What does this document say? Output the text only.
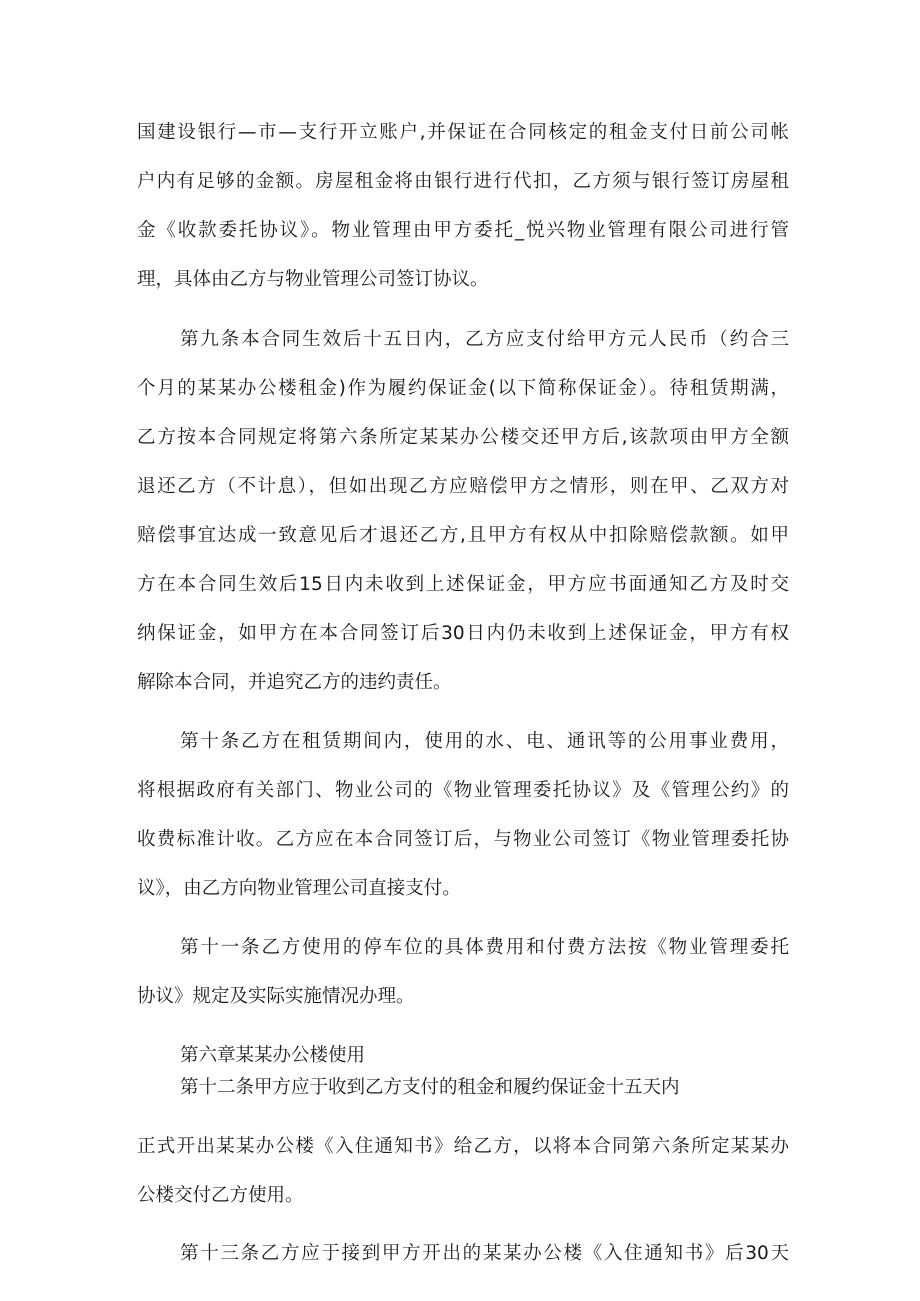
国建设银行—市—支行开立账户,并保证在合同核定的租金支付日前公司帐
户内有足够的金额。房屋租金将由银行进行代扣，乙方须与银行签订房屋租
金《收款委托协议》。物业管理由甲方委托_悦兴物业管理有限公司进行管
理，具体由乙方与物业管理公司签订协议。
第九条本合同生效后十五日内，乙方应支付给甲方元人民币（约合三
个月的某某办公楼租金)作为履约保证金(以下简称保证金）。待租赁期满，
乙方按本合同规定将第六条所定某某办公楼交还甲方后,该款项由甲方全额
退还乙方（不计息），但如出现乙方应赔偿甲方之情形，则在甲、乙双方对
赔偿事宜达成一致意见后才退还乙方,且甲方有权从中扣除赔偿款额。如甲
方在本合同生效后15日内未收到上述保证金，甲方应书面通知乙方及时交
纳保证金，如甲方在本合同签订后30日内仍未收到上述保证金，甲方有权
解除本合同，并追究乙方的违约责任。
第十条乙方在租赁期间内，使用的水、电、通讯等的公用事业费用，
将根据政府有关部门、物业公司的《物业管理委托协议》及《管理公约》的
收费标准计收。乙方应在本合同签订后，与物业公司签订《物业管理委托协
议》，由乙方向物业管理公司直接支付。
第十一条乙方使用的停车位的具体费用和付费方法按《物业管理委托
协议》规定及实际实施情况办理。
第六章某某办公楼使用
第十二条甲方应于收到乙方支付的租金和履约保证金十五天内
正式开出某某办公楼《入住通知书》给乙方，以将本合同第六条所定某某办
公楼交付乙方使用。
第十三条乙方应于接到甲方开出的某某办公楼《入住通知书》后30天
